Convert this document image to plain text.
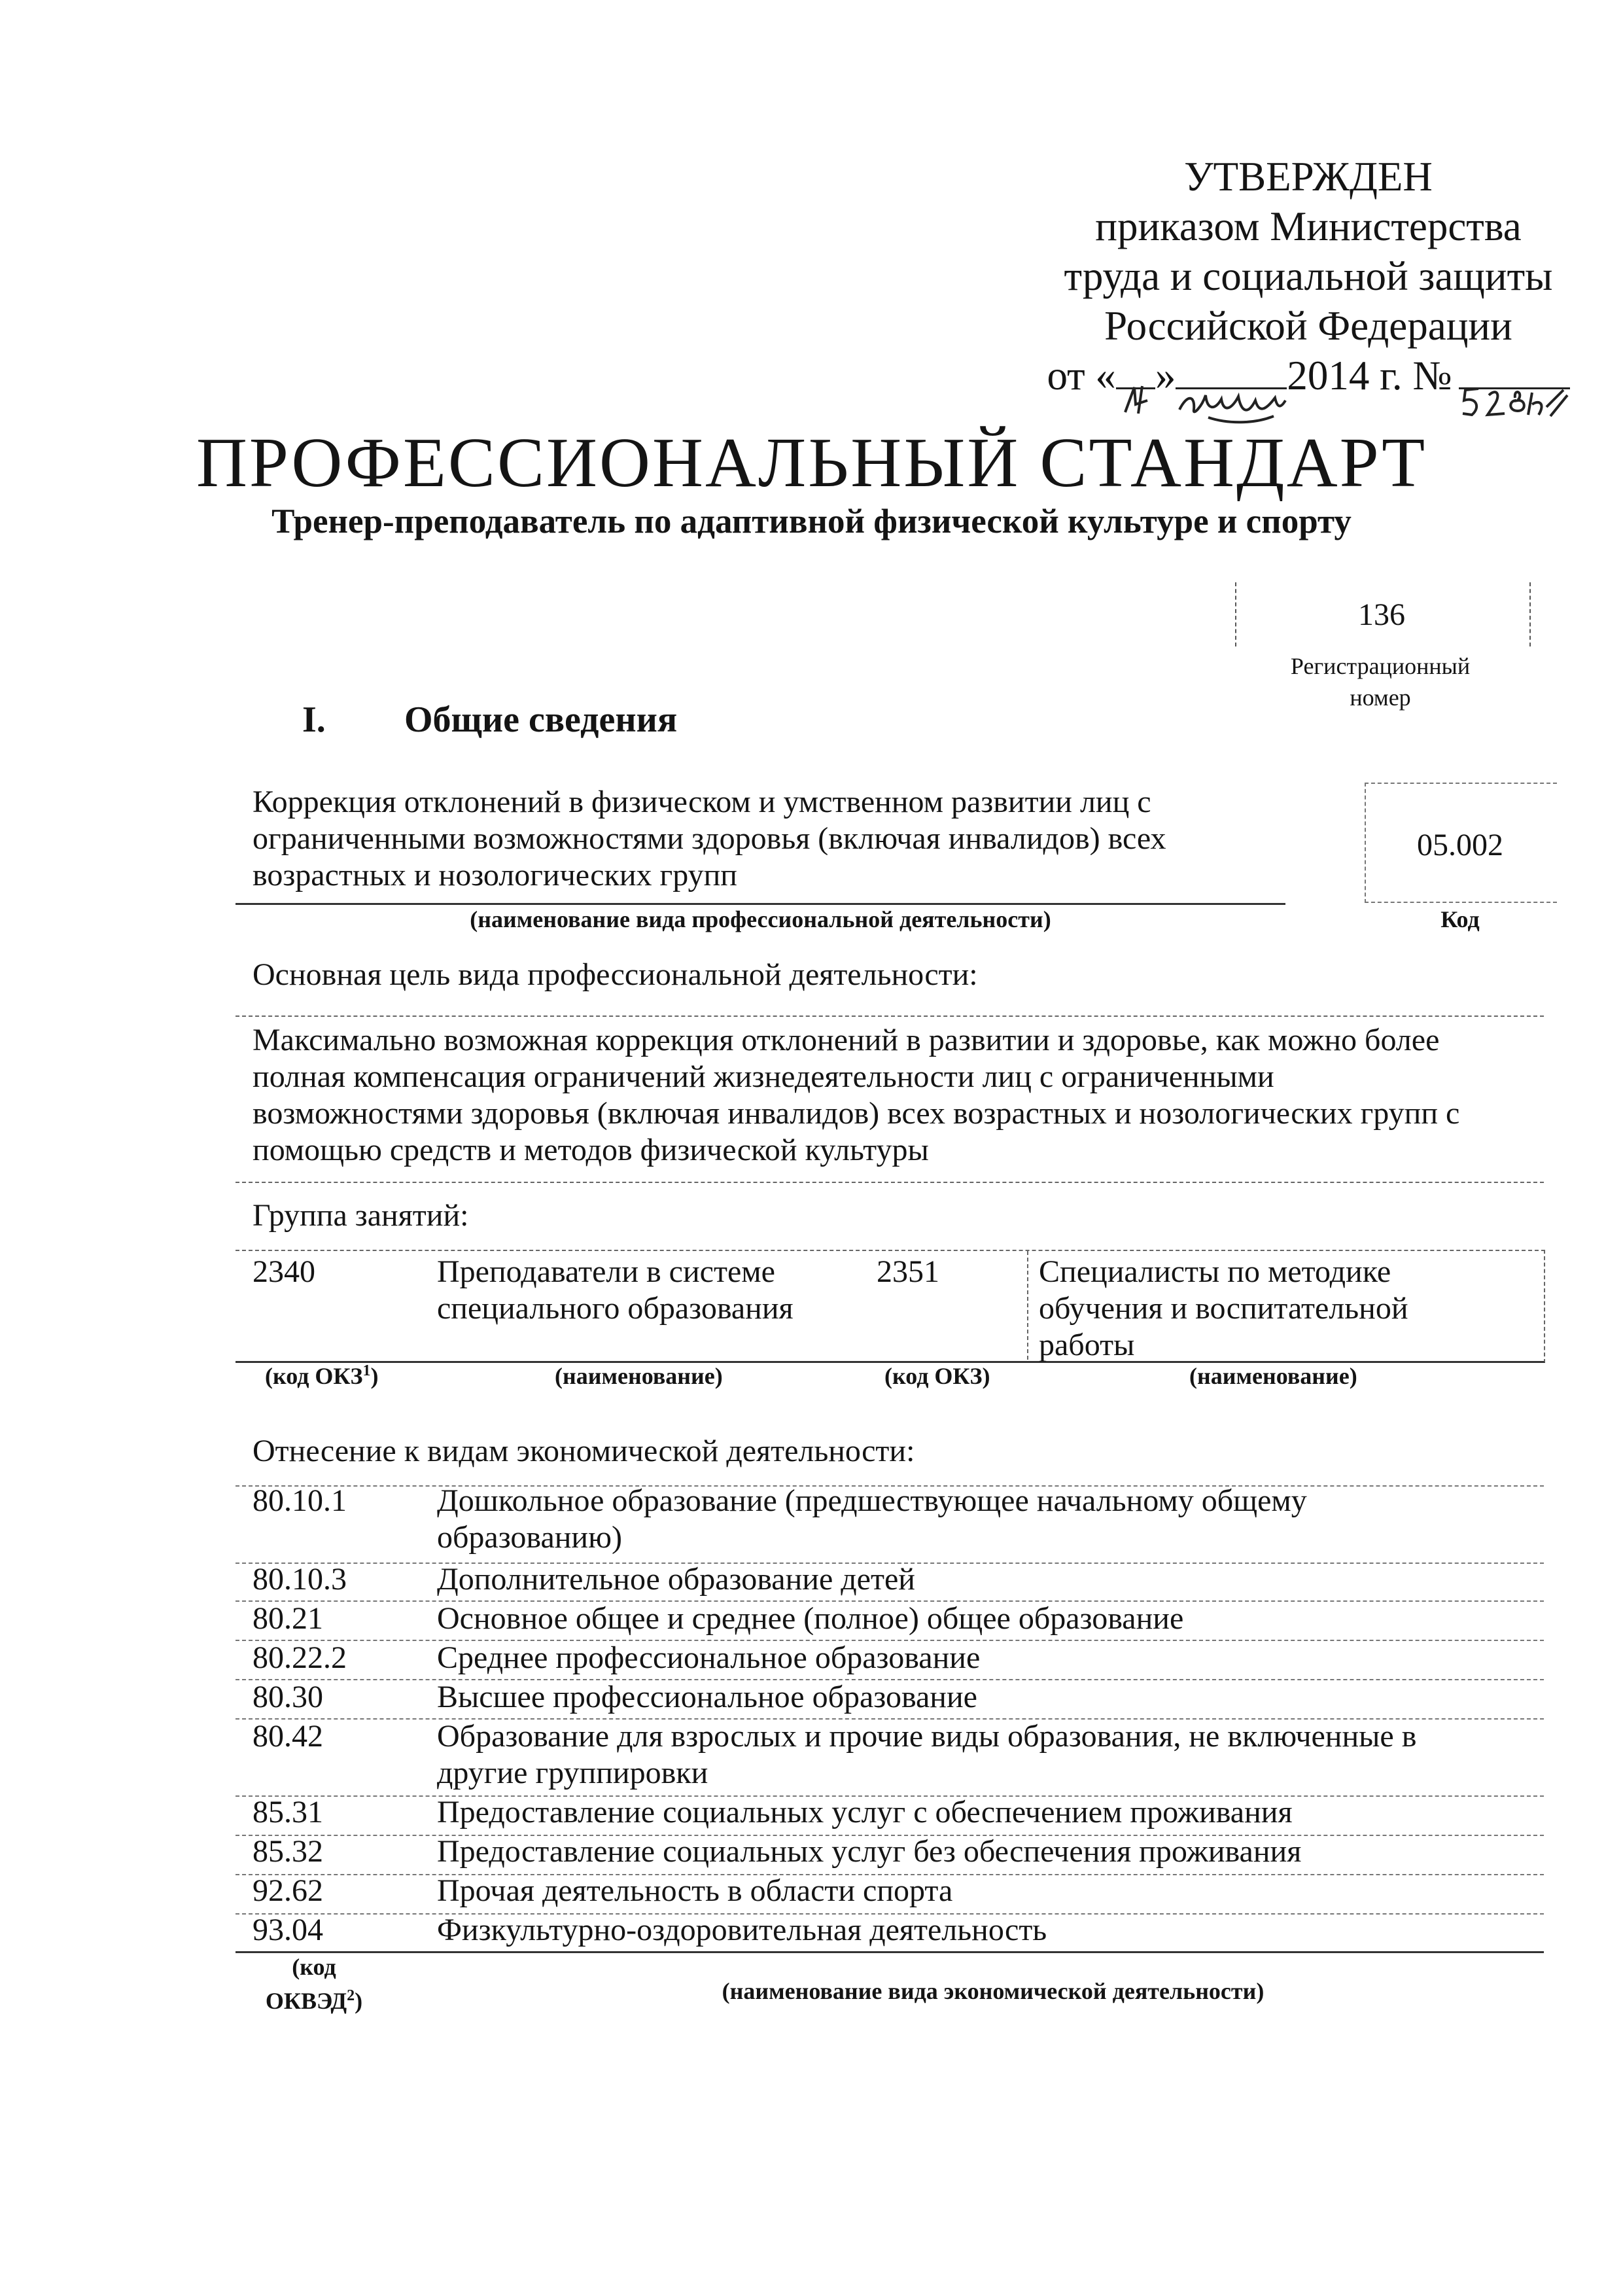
УТВЕРЖДЕН
приказом Министерства
труда и социальной защиты
Российской Федерации
от « »	2014 г. №
ПРОФЕССИОНАЛЬНЫЙ СТАНДАРТ
Тренер-преподаватель по адаптивной физической культуре и спорту
136
Регистрационный
номер
I. Общие сведения
Коррекция отклонений в физическом и умственном развитии лиц с
ограниченными возможностями здоровья (включая инвалидов) всех
возрастных и нозологических групп
(наименование вида профессиональной деятельности)
05.002
Код
Основная цель вида профессиональной деятельности:
Максимально возможная коррекция отклонений в развитии и здоровье, как можно более
полная компенсация ограничений жизнедеятельности лиц с ограниченными
возможностями здоровья (включая инвалидов) всех возрастных и нозологических групп с
помощью средств и методов физической культуры
Группа занятий:
2340	Преподаватели в системе
специального образования
2351	Специалисты по методике
обучения и воспитательной
работы
(код ОКЗ$^1$)	(наименование)	(код ОКЗ)	(наименование)
Отнесение к видам экономической деятельности:
80.10.1	Дошкольное образование (предшествующее начальному общему
образованию)
80.10.3	Дополнительное образование детей
80.21	Основное общее и среднее (полное) общее образование
80.22.2	Среднее профессиональное образование
80.30	Высшее профессиональное образование
80.42	Образование для взрослых и прочие виды образования, не включенные в
другие группировки
85.31	Предоставление социальных услуг с обеспечением проживания
85.32	Предоставление социальных услуг без обеспечения проживания
92.62	Прочая деятельность в области спорта
93.04	Физкультурно-оздоровительная деятельность
(код
ОКВЭД$^2$)	(наименование вида экономической деятельности)
